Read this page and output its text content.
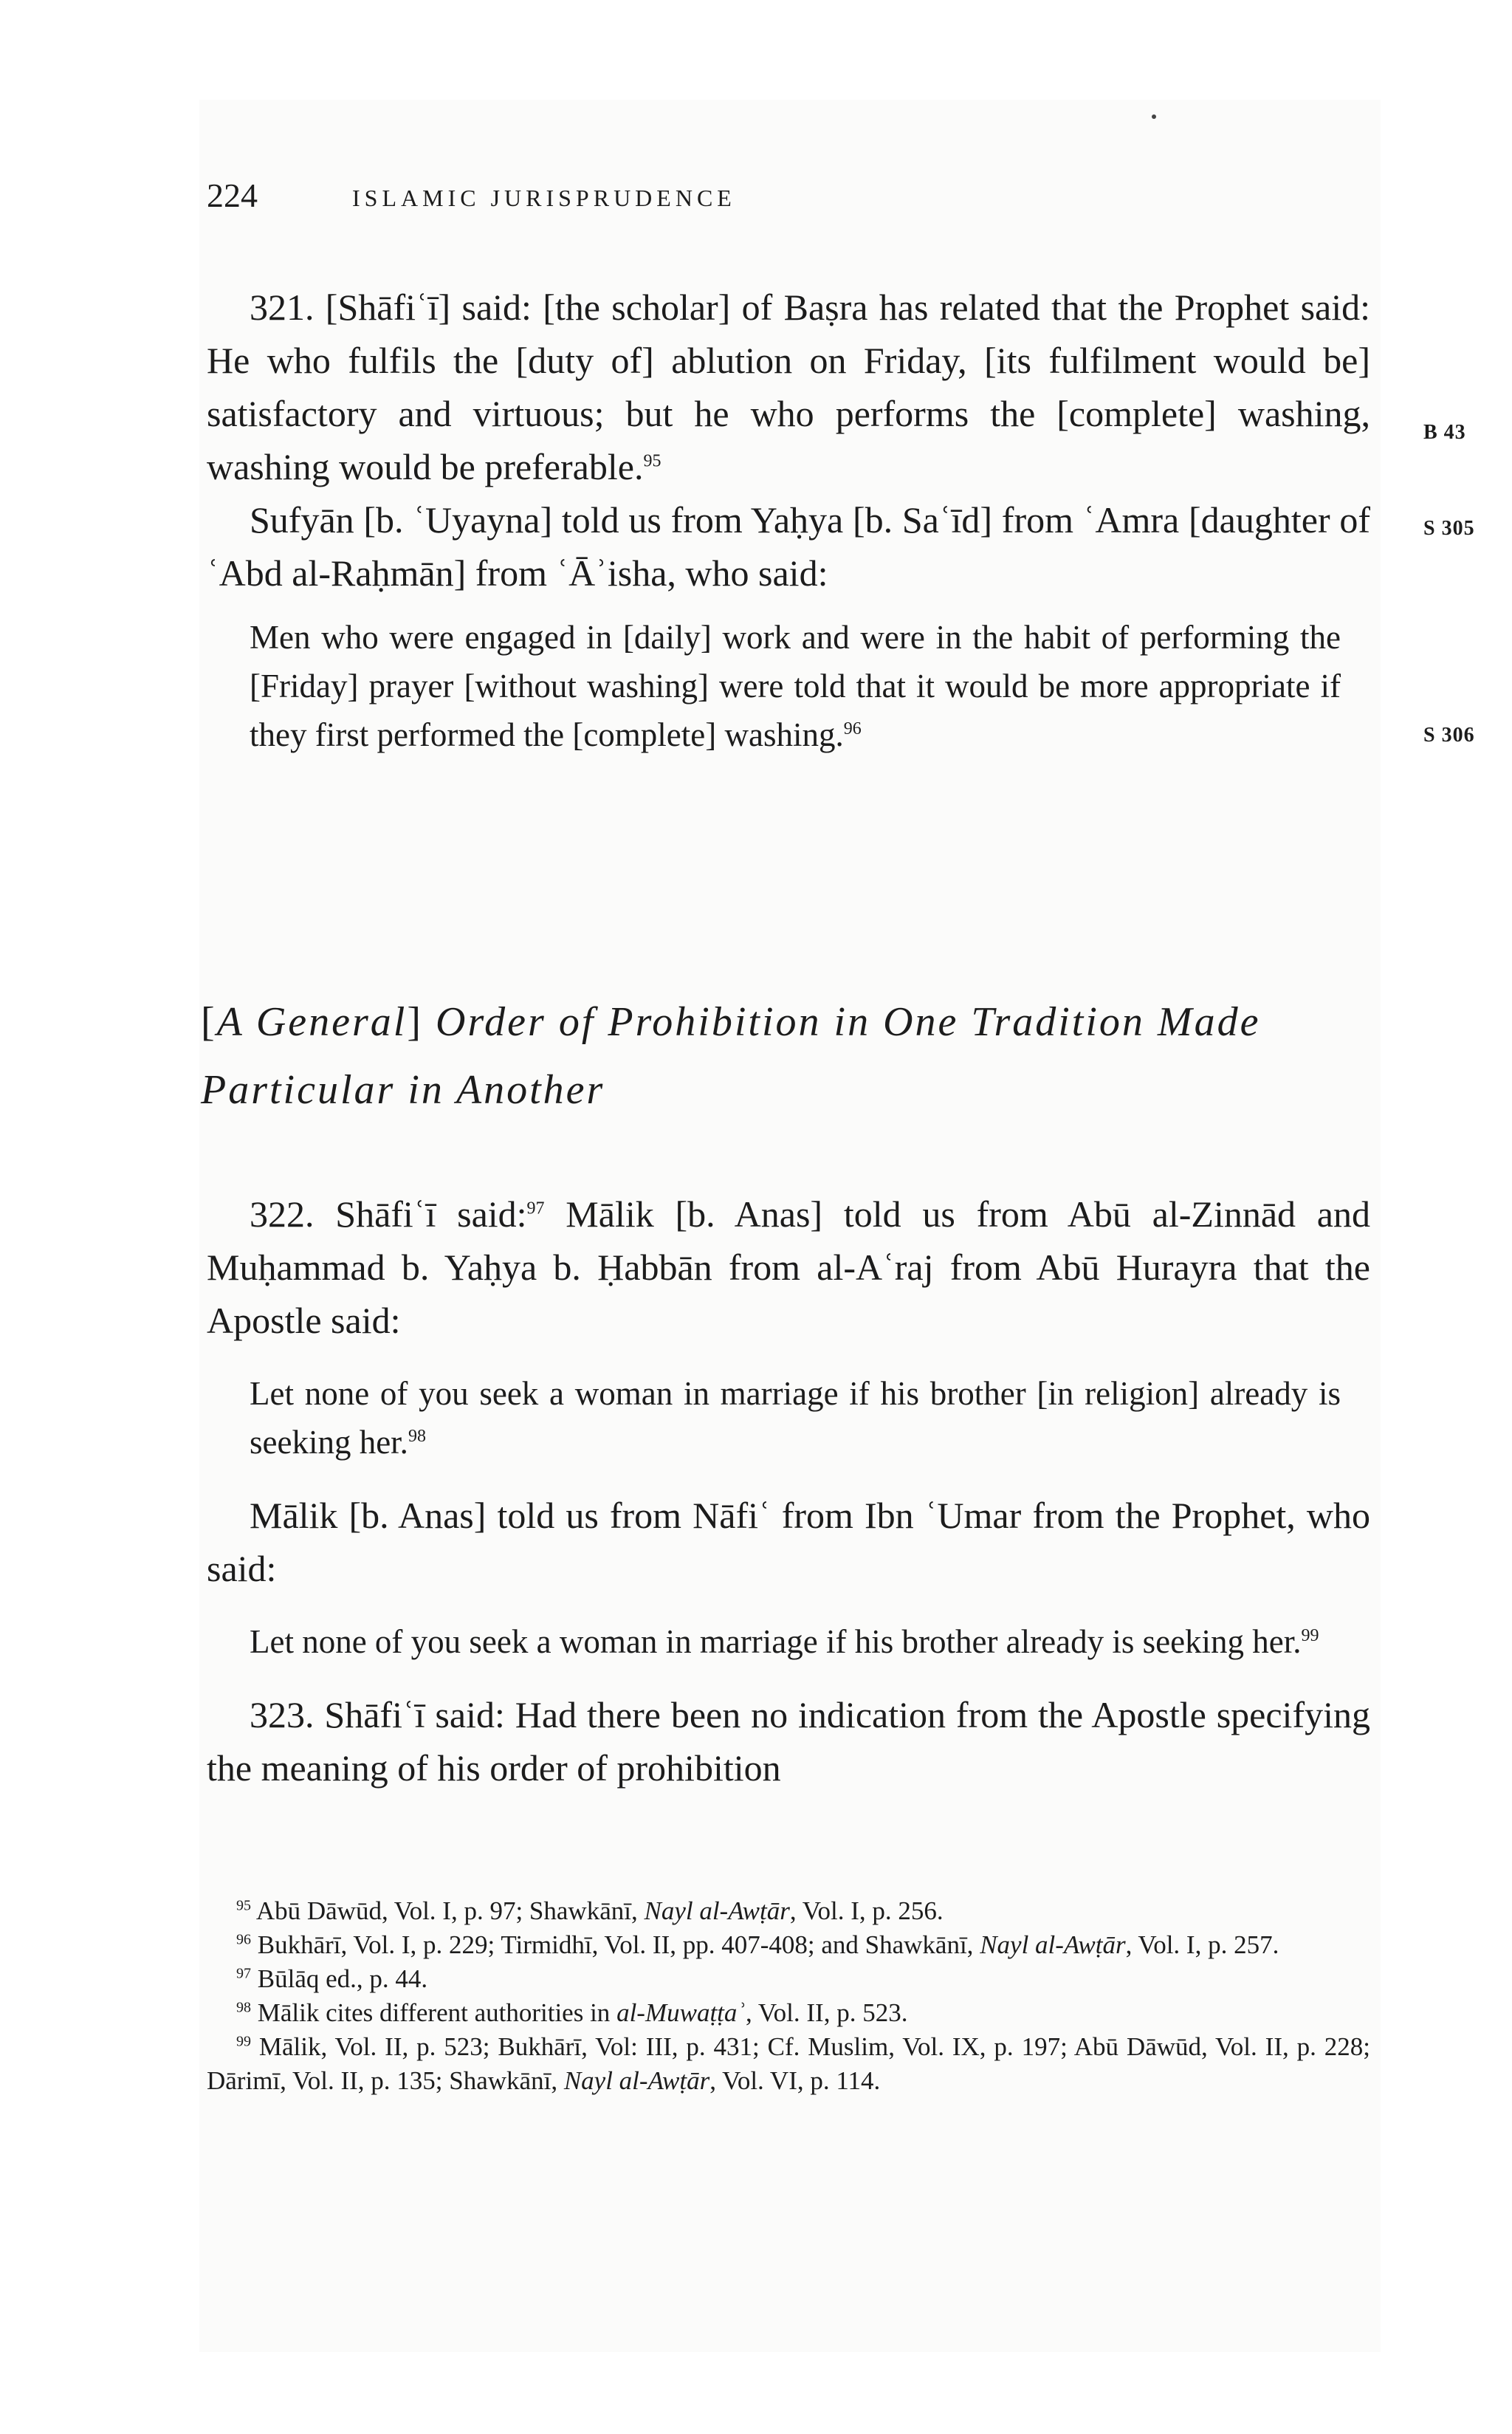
224	ISLAMIC JURISPRUDENCE

321. [Shāfiʿī] said: [the scholar] of Baṣra has related that the Prophet said: He who fulfils the [duty of] ablution on Friday, [its fulfilment would be] satisfactory and virtuous; but he who performs the [complete] washing, washing would be preferable.$^{95}$

Sufyān [b. ʿUyayna] told us from Yaḥya [b. Saʿīd] from ʿAmra [daughter of ʿAbd al-Raḥmān] from ʿĀʾisha, who said:

Men who were engaged in [daily] work and were in the habit of performing the [Friday] prayer [without washing] were told that it would be more appropriate if they first performed the [complete] washing.$^{96}$

[A General] Order of Prohibition in One Tradition Made Particular in Another

322. Shāfiʿī said:$^{97}$ Mālik [b. Anas] told us from Abū al-Zinnād and Muḥammad b. Yaḥya b. Ḥabbān from al-Aʿraj from Abū Hurayra that the Apostle said:

Let none of you seek a woman in marriage if his brother [in religion] already is seeking her.$^{98}$

Mālik [b. Anas] told us from Nāfiʿ from Ibn ʿUmar from the Prophet, who said:

Let none of you seek a woman in marriage if his brother already is seeking her.$^{99}$

323. Shāfiʿī said: Had there been no indication from the Apostle specifying the meaning of his order of prohibition

$^{95}$ Abū Dāwūd, Vol. I, p. 97; Shawkānī, Nayl al-Awṭār, Vol. I, p. 256.

$^{96}$ Bukhārī, Vol. I, p. 229; Tirmidhī, Vol. II, pp. 407-408; and Shawkānī, Nayl al-Awṭār, Vol. I, p. 257.

$^{97}$ Būlāq ed., p. 44.

$^{98}$ Mālik cites different authorities in al-Muwaṭṭaʾ, Vol. II, p. 523.

$^{99}$ Mālik, Vol. II, p. 523; Bukhārī, Vol: III, p. 431; Cf. Muslim, Vol. IX, p. 197; Abū Dāwūd, Vol. II, p. 228; Dārimī, Vol. II, p. 135; Shawkānī, Nayl al-Awṭār, Vol. VI, p. 114.

B 43
S 305
S 306
